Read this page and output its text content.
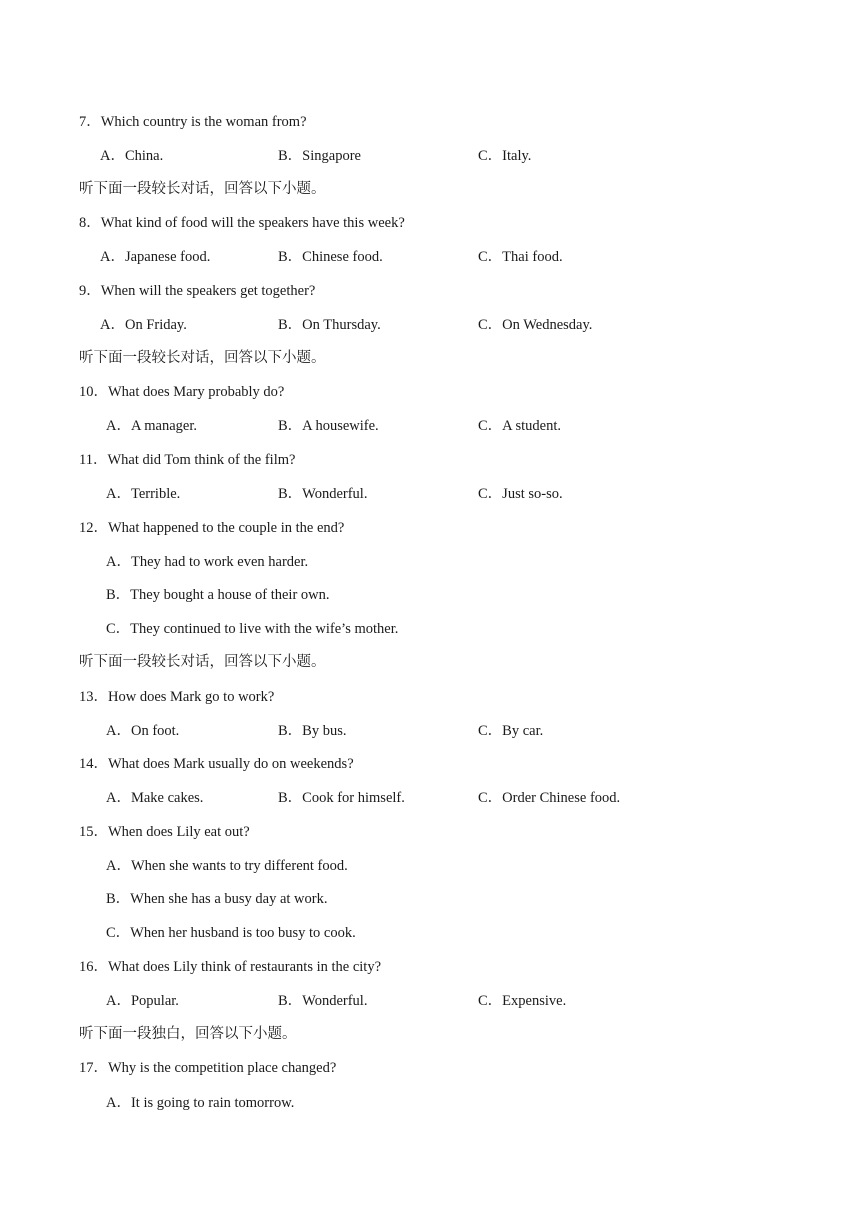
7．Which country is the woman from?
A．China.	B．Singapore	C．Italy.
听下面一段较长对话，回答以下小题。
8．What kind of food will the speakers have this week?
A．Japanese food.	B．Chinese food.	C．Thai food.
9．When will the speakers get together?
A．On Friday.	B．On Thursday.	C．On Wednesday.
听下面一段较长对话，回答以下小题。
10．What does Mary probably do?
A．A manager.	B．A housewife.	C．A student.
11．What did Tom think of the film?
A．Terrible.	B．Wonderful.	C．Just so-so.
12．What happened to the couple in the end?
A．They had to work even harder.
B．They bought a house of their own.
C．They continued to live with the wife’s mother.
听下面一段较长对话，回答以下小题。
13．How does Mark go to work?
A．On foot.	B．By bus.	C．By car.
14．What does Mark usually do on weekends?
A．Make cakes.	B．Cook for himself.	C．Order Chinese food.
15．When does Lily eat out?
A．When she wants to try different food.
B．When she has a busy day at work.
C．When her husband is too busy to cook.
16．What does Lily think of restaurants in the city?
A．Popular.	B．Wonderful.	C．Expensive.
听下面一段独白，回答以下小题。
17．Why is the competition place changed?
A．It is going to rain tomorrow.
